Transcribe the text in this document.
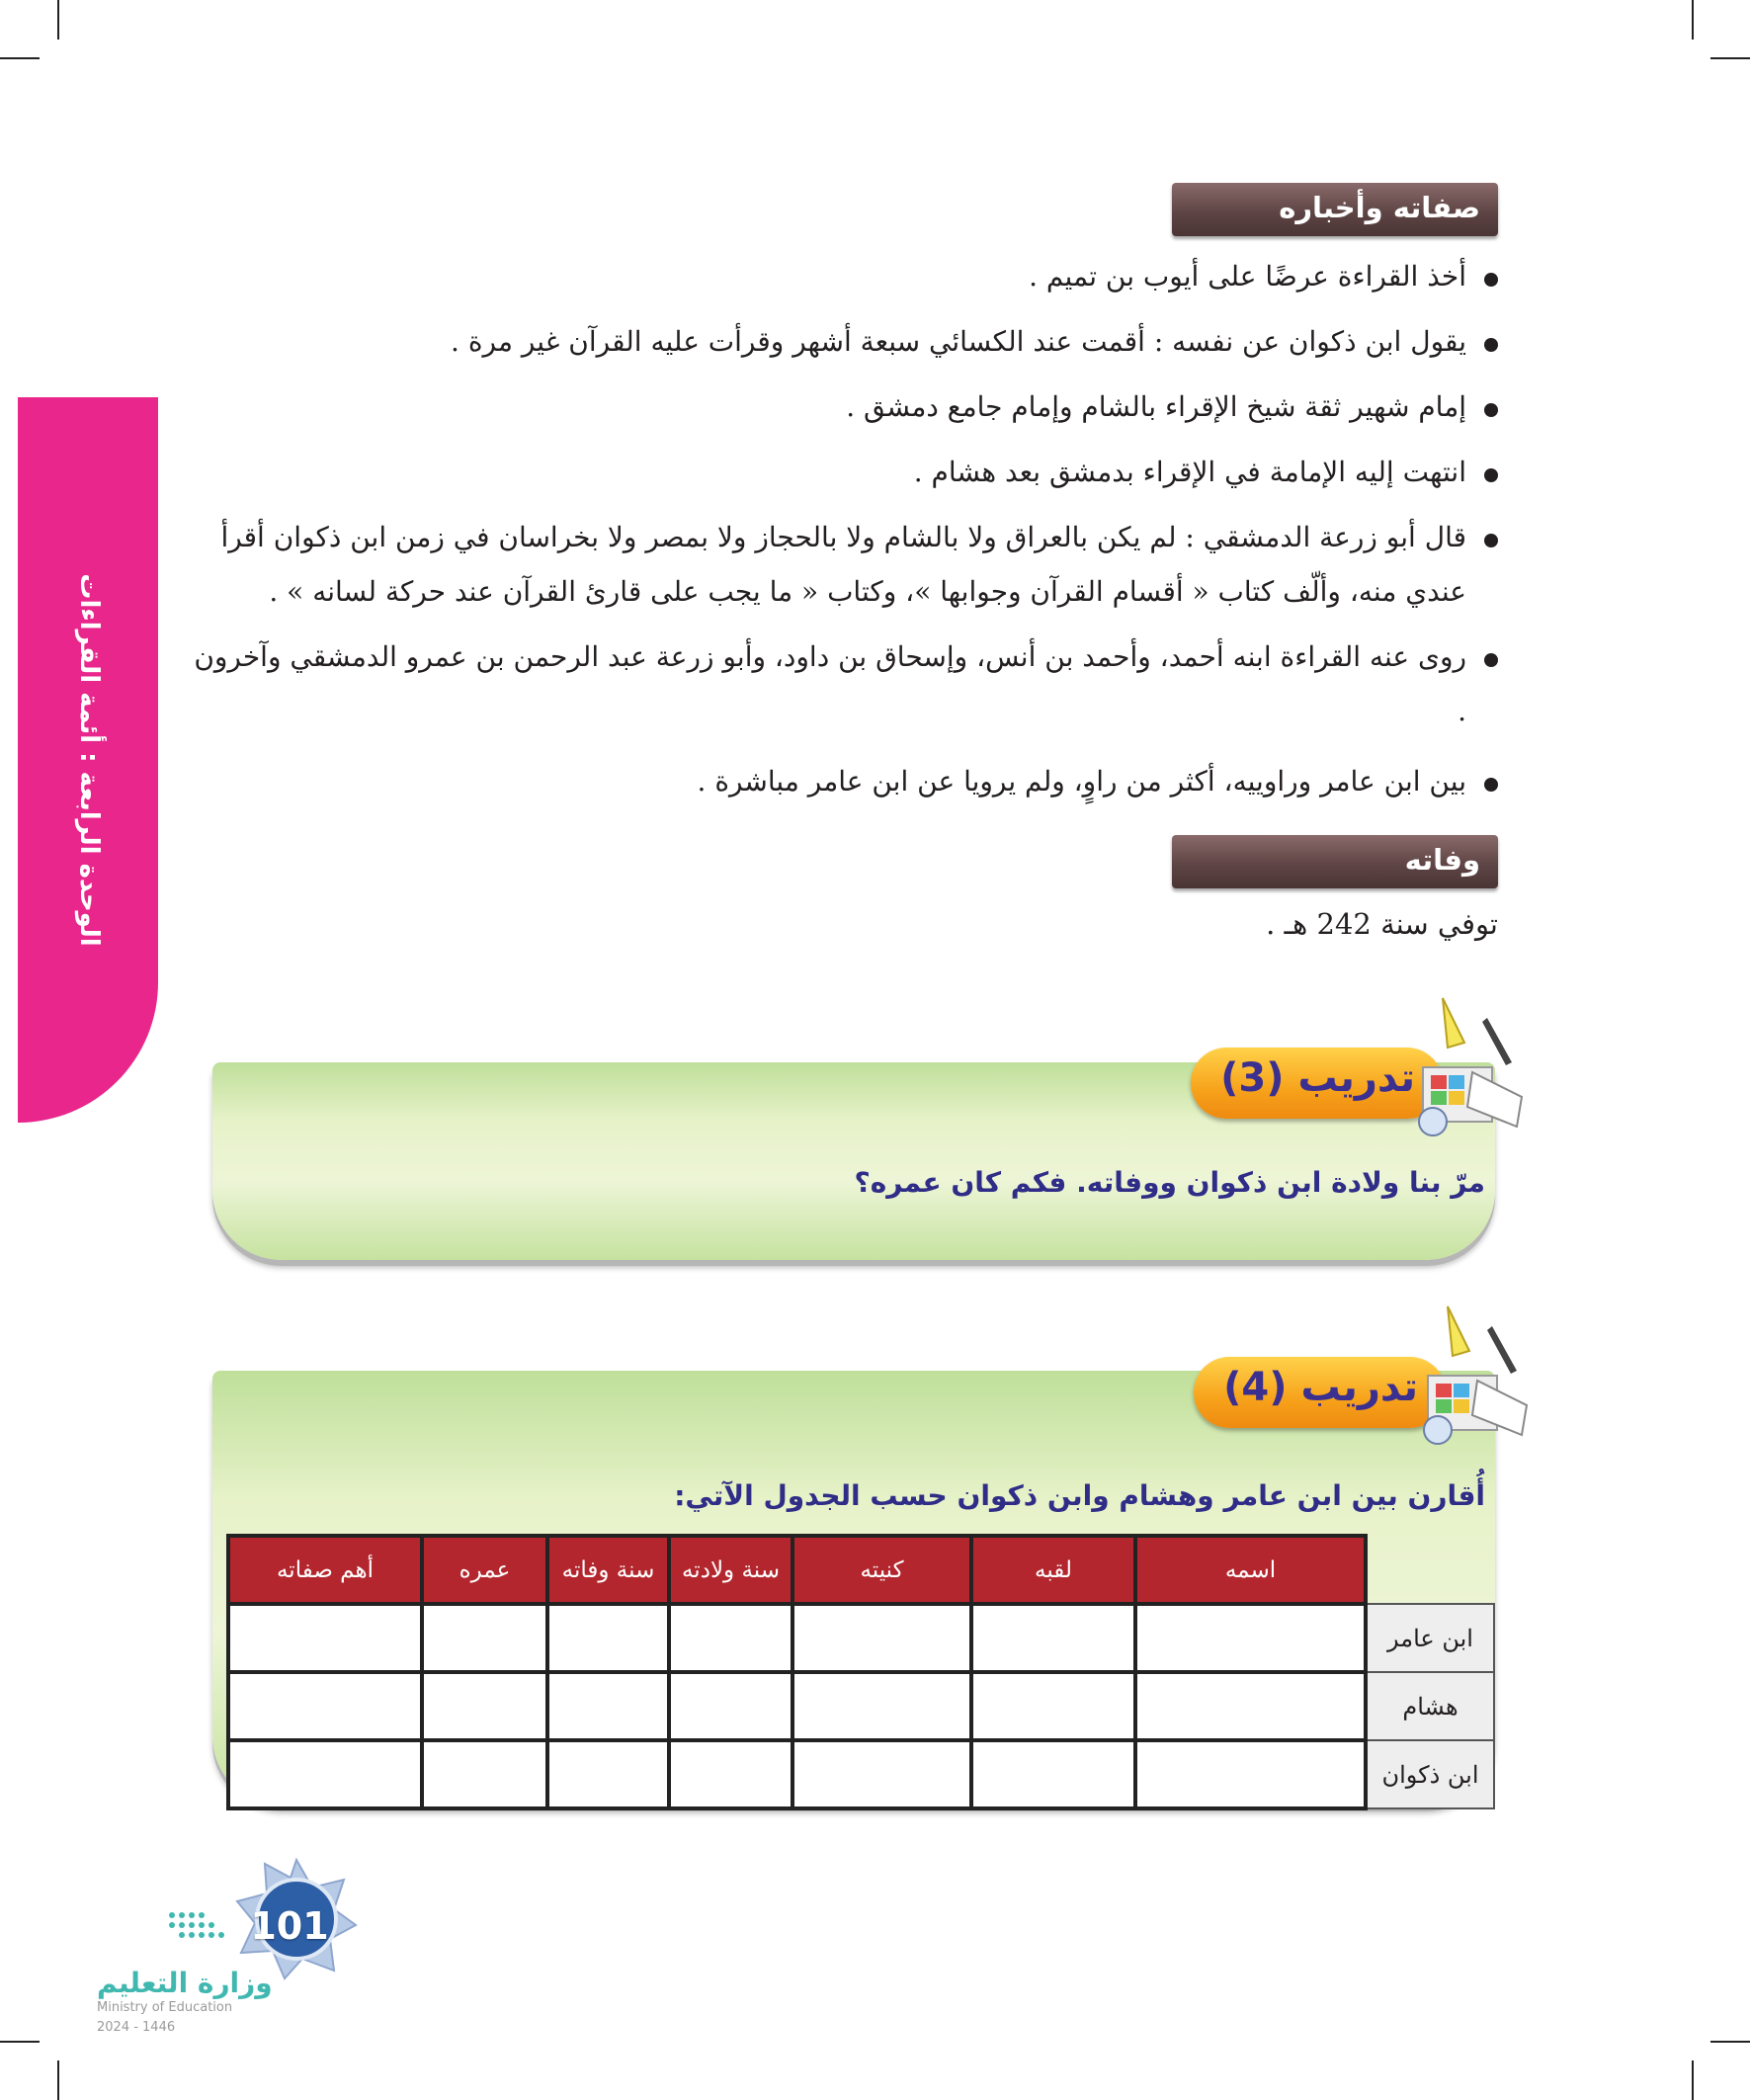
الوحدة الرابعة : أئمة القراءات
صفاته وأخباره
أخذ القراءة عرضًا على أيوب بن تميم .
يقول ابن ذكوان عن نفسه : أقمت عند الكسائي سبعة أشهر وقرأت عليه القرآن غير مرة .
إمام شهير ثقة شيخ الإقراء بالشام وإمام جامع دمشق .
انتهت إليه الإمامة في الإقراء بدمشق بعد هشام .
قال أبو زرعة الدمشقي : لم يكن بالعراق ولا بالشام ولا بالحجاز ولا بمصر ولا بخراسان في زمن ابن ذكوان أقرأ عندي منه، وألّف كتاب « أقسام القرآن وجوابها »، وكتاب « ما يجب على قارئ القرآن عند حركة لسانه » .
روى عنه القراءة ابنه أحمد، وأحمد بن أنس، وإسحاق بن داود، وأبو زرعة عبد الرحمن بن عمرو الدمشقي وآخرون .
بين ابن عامر وراوييه، أكثر من راوٍ، ولم يرويا عن ابن عامر مباشرة .
وفاته
توفي سنة 242 هـ .
تدريب (3)
مرّ بنا ولادة ابن ذكوان ووفاته. فكم كان عمره؟
تدريب (4)
أُقارن بين ابن عامر وهشام وابن ذكوان حسب الجدول الآتي:
أهم صفاته	عمره	سنة وفاته	سنة ولادته	كنيته	لقبه	اسمه	
							ابن عامر
							هشام
							ابن ذكوان
101
وزارة التعليم
Ministry of Education
2024 - 1446
